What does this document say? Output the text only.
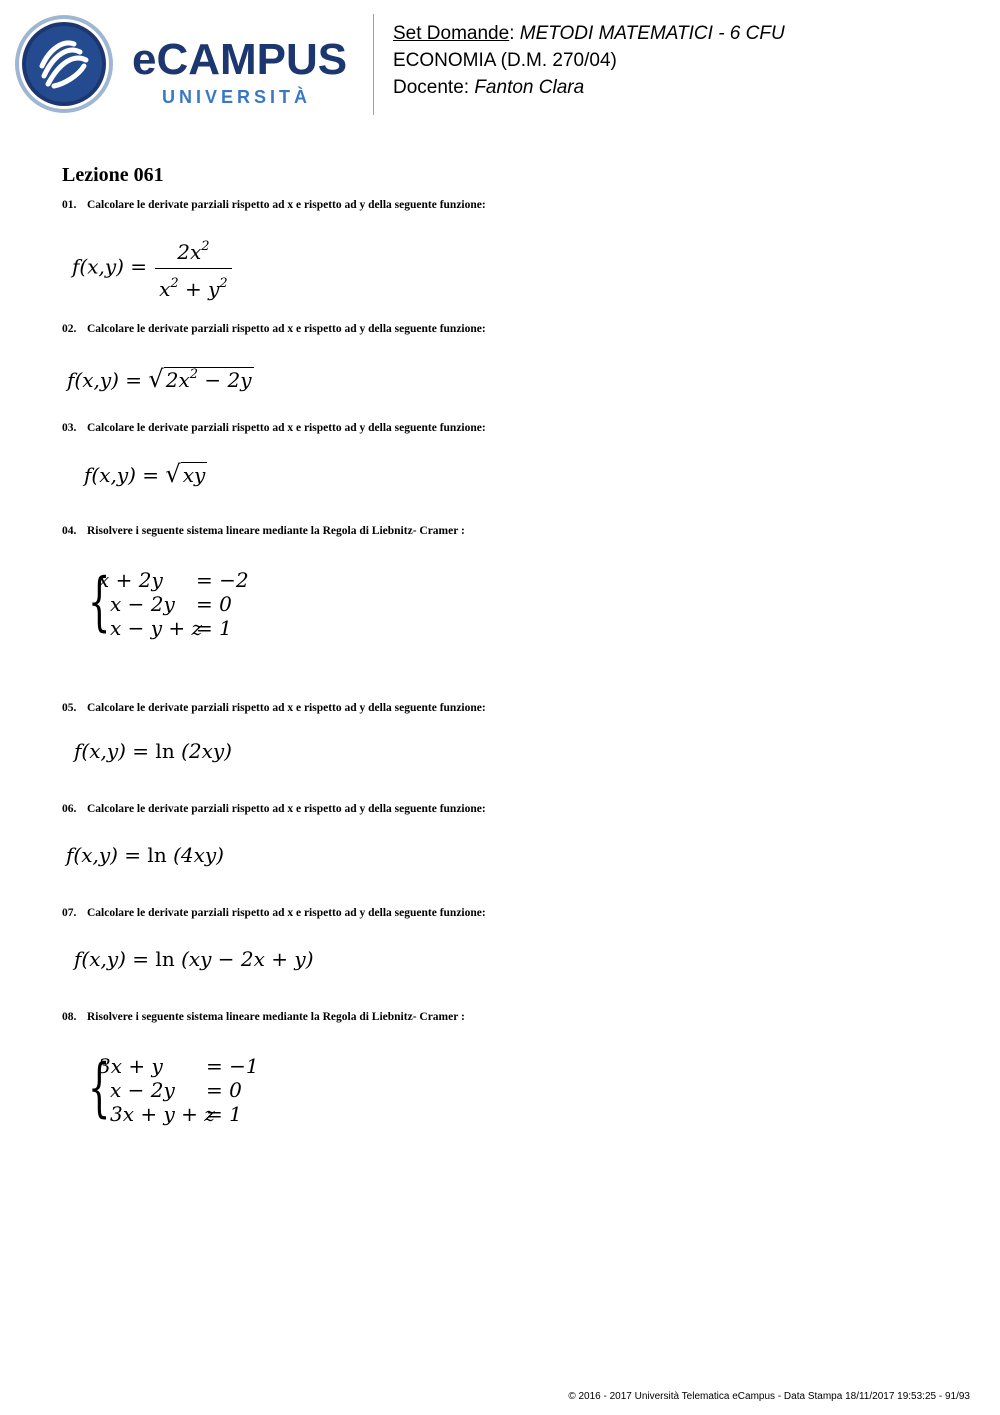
eCAMPUS
UNIVERSITÀ
Set Domande: METODI MATEMATICI - 6 CFU
ECONOMIA (D.M. 270/04)
Docente: Fanton Clara
Lezione 061
01. Calcolare le derivate parziali rispetto ad x e rispetto ad y della seguente funzione:
$f(x,y) = \frac{2x^2}{x^2 + y^2}$
02. Calcolare le derivate parziali rispetto ad x e rispetto ad y della seguente funzione:
f(x,y) = √ $2x^2 - 2y$
03. Calcolare le derivate parziali rispetto ad x e rispetto ad y della seguente funzione:
f(x,y) = √ xy
04. Risolvere i seguente sistema lineare mediante la Regola di Liebnitz- Cramer :
{
x + 2y = −2
x − 2y = 0
x − y + z
= 1
05. Calcolare le derivate parziali rispetto ad x e rispetto ad y della seguente funzione:
f(x,y) = ln (2xy)
06. Calcolare le derivate parziali rispetto ad x e rispetto ad y della seguente funzione:
f(x,y) = ln (4xy)
07. Calcolare le derivate parziali rispetto ad x e rispetto ad y della seguente funzione:
f(x,y) = ln (xy − 2x + y)
08. Risolvere i seguente sistema lineare mediante la Regola di Liebnitz- Cramer :
{
3x + y = −1
x − 2y = 0
3x + y + z
= 1
© 2016 - 2017 Università Telematica eCampus - Data Stampa 18/11/2017 19:53:25 - 91/93
